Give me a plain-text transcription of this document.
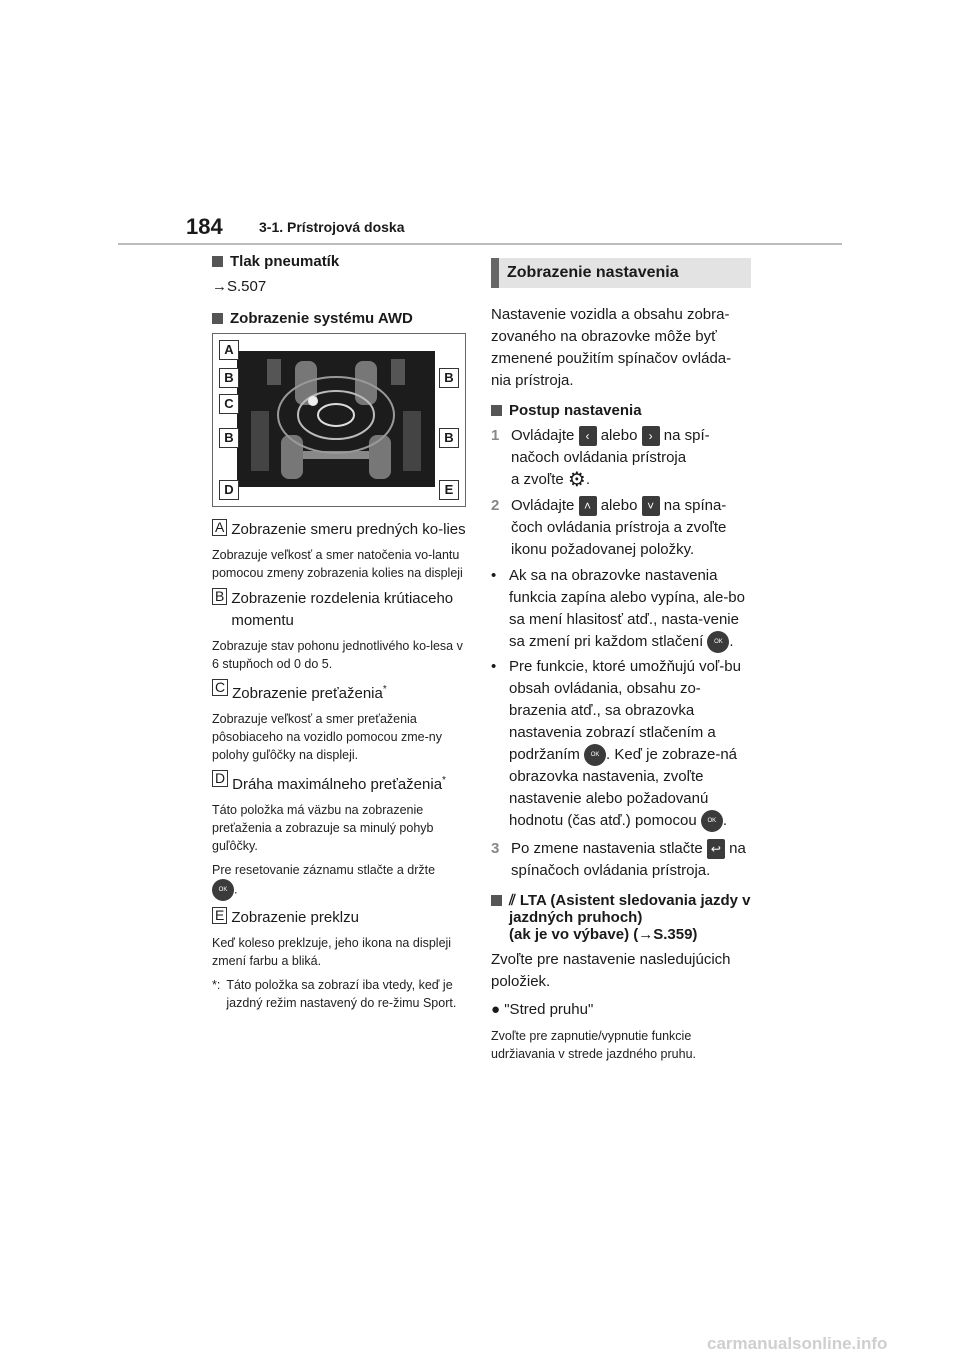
184	3-1. Prístrojová doska
Tlak pneumatík
→S.507
Zobrazenie systému AWD
A
B	B
C
B	B
D	E
A Zobrazenie smeru predných ko-lies
Zobrazuje veľkosť a smer natočenia vo-lantu pomocou zmeny zobrazenia kolies na displeji
B Zobrazenie rozdelenia krútiaceho momentu
Zobrazuje stav pohonu jednotlivého ko-lesa v 6 stupňoch od 0 do 5.
C Zobrazenie preťaženia*
Zobrazuje veľkosť a smer preťaženia pôsobiaceho na vozidlo pomocou zme-ny polohy guľôčky na displeji.
D Dráha maximálneho preťaženia*
Táto položka má väzbu na zobrazenie preťaženia a zobrazuje sa minulý pohyb guľôčky.
Pre resetovanie záznamu stlačte a držte
OK .
E Zobrazenie preklzu
Keď koleso preklzuje, jeho ikona na displeji zmení farbu a bliká.
*: Táto položka sa zobrazí iba vtedy, keď je jazdný režim nastavený do re-žimu Sport.
Zobrazenie nastavenia
Nastavenie vozidla a obsahu zobra-zovaného na obrazovke môže byť zmenené použitím spínačov ovláda-nia prístroja.
Postup nastavenia
1 Ovládajte ‹ alebo › na spí-načoch ovládania prístroja
a zvoľte ⚙.
2 Ovládajte ˄ alebo ˅ na spína-čoch ovládania prístroja a zvoľte ikonu požadovanej položky.
• Ak sa na obrazovke nastavenia funkcia zapína alebo vypína, ale-bo sa mení hlasitosť atď., nasta-venie sa zmení pri každom stlačení OK .
• Pre funkcie, ktoré umožňujú voľ-bu obsah ovládania, obsahu zo-brazenia atď., sa obrazovka nastavenia zobrazí stlačením a podržaním OK . Keď je zobraze-ná obrazovka nastavenia, zvoľte nastavenie alebo požadovanú hodnotu (čas atď.) pomocou OK .
3 Po zmene nastavenia stlačte ↩ na spínačoch ovládania prístroja.
⫽ LTA (Asistent sledovania jazdy v jazdných pruhoch)
(ak je vo výbave) (→S.359)
Zvoľte pre nastavenie nasledujúcich položiek.
● "Stred pruhu"
Zvoľte pre zapnutie/vypnutie funkcie udržiavania v strede jazdného pruhu.
carmanualsonline.info
